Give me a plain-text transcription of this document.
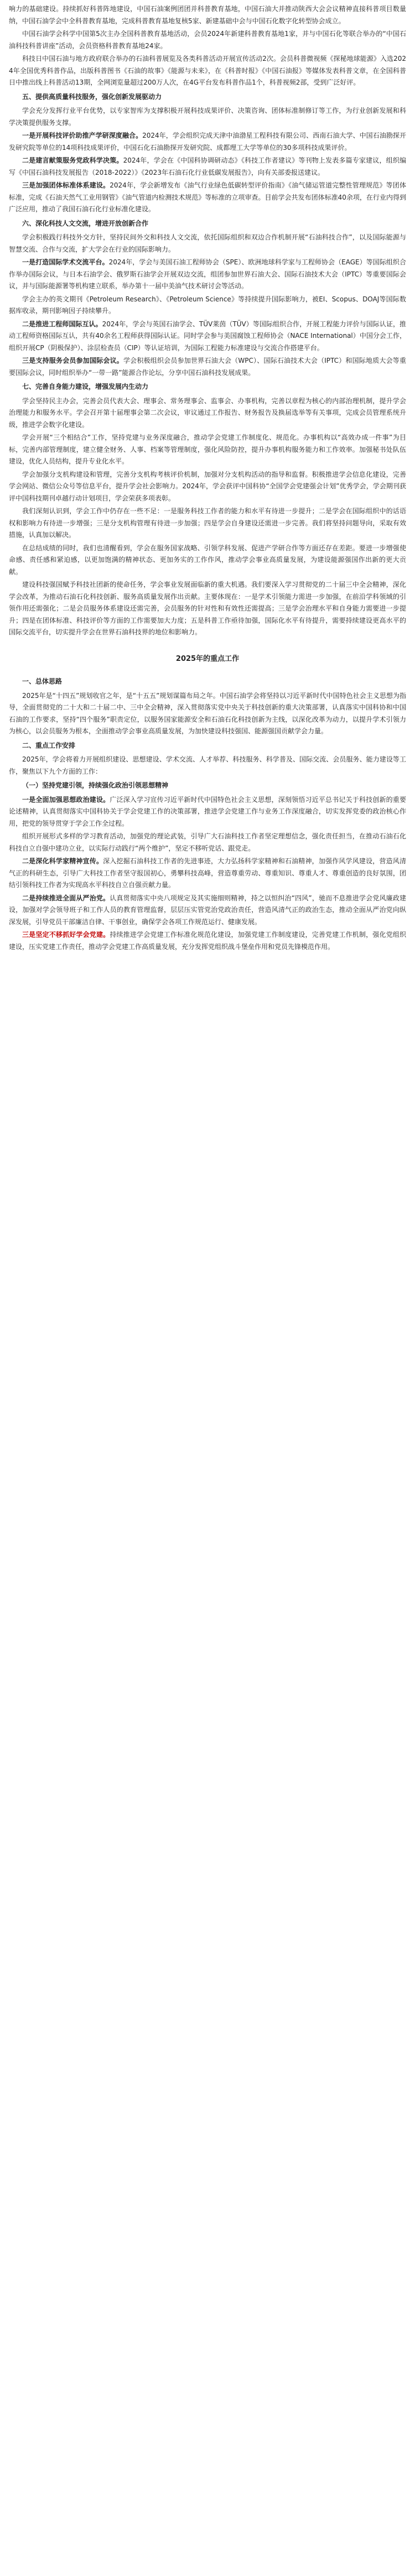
响力的基础建设。持续抓好科普阵地建设，中国石油案例团团并科普教育基地，中国石油大并推动陕西大会会议精神直接科普项目数量纳，中国石油学会中全科普教育基地，完成科普教育基地复核5家、新建基础中会与中国石化数字化转型协会成立。

中国石油学会科学中国第5次主办全国科普教育基地活动，会员2024年新建科普教育基地1家，并与中国石化等联合举办的“中国石油科技科普讲座”活动，会员资格科普教育基地24家。

科技日中国石油与地方政府联合举办的石油科普展览及各类科普活动开展宣传活动2次。会员科普微视频《探秘地球能源》入选2024年全国优秀科普作品，出版科普图书《石油的故事》《能源与未来》，在《科普时报》《中国石油报》等媒体发表科普文章，在全国科普日中推出线上科普活动13期，全网浏览量超过200万人次，在4G平台发布科普作品1个，科普视频2部，受到广泛好评。

五、提供高质量科技服务，强化创新发展驱动力

学会充分发挥行业平台优势，以专家智库为支撑积极开展科技成果评价、决策咨询、团体标准制修订等工作，为行业创新发展和科学决策提供服务支撑。

一是开展科技评价助推产学研深度融合。2024年，学会组织完成天津中油渤星工程科技有限公司、西南石油大学、中国石油勘探开发研究院等单位的14项科技成果评价，中国石化石油勘探开发研究院、成都理工大学等单位的30多项科技成果评价。

二是建言献策服务党政科学决策。2024年，学会在《中国科协调研动态》《科技工作者建议》等刊物上发表多篇专家建议，组织编写《中国石油科技发展报告（2018-2022）》《2023年石油石化行业低碳发展报告》，向有关部委报送建议。

三是加强团体标准体系建设。2024年，学会新增发布《油气行业绿色低碳转型评价指南》《油气储运管道完整性管理规范》等团体标准，完成《石油天然气工业用钢管》《油气管道内检测技术规范》等标准的立项审查。目前学会共发布团体标准40余项，在行业内得到广泛应用，推动了我国石油石化行业标准化建设。

六、深化科技人文交流，增进开放创新合作

学会积极践行科技外交方针，坚持民间外交和科技人文交流，依托国际组织和双边合作机制开展“石油科技合作”，以及国际能源与智慧交流、合作与交流，扩大学会在行业的国际影响力。

一是打造国际学术交流平台。2024年，学会与美国石油工程师协会（SPE）、欧洲地球科学家与工程师协会（EAGE）等国际组织合作举办国际会议，与日本石油学会、俄罗斯石油学会开展双边交流，组团参加世界石油大会、国际石油技术大会（IPTC）等重要国际会议，并与国际能源署等机构建立联系，举办第十一届中美油气技术研讨会等活动。

学会主办的英文期刊《Petroleum Research》、《Petroleum Science》等持续提升国际影响力，被EI、Scopus、DOAJ等国际数据库收录，期刊影响因子持续攀升。

二是推进工程师国际互认。2024年，学会与英国石油学会、TÜV莱茵（TÜV）等国际组织合作，开展工程能力评价与国际认证，推动工程师资格国际互认，共有40余名工程师获得国际认证。同时学会参与美国腐蚀工程师协会（NACE International）中国分会工作，组织开展CP（阴极保护）、涂层检查员（CIP）等认证培训，为国际工程能力标准建设与交流合作搭建平台。

三是支持服务会员参加国际会议。学会积极组织会员参加世界石油大会（WPC）、国际石油技术大会（IPTC）和国际地质大会等重要国际会议，同时组织举办“一带一路”能源合作论坛，分享中国石油科技发展成果。

七、完善自身能力建设，增强发展内生动力

学会坚持民主办会，完善会员代表大会、理事会、常务理事会、监事会、办事机构，完善以章程为核心的内部治理机制，提升学会治理能力和服务水平。学会召开第十届理事会第二次会议，审议通过工作报告、财务报告及换届选举等有关事项，完成会员管理系统升级，推进学会数字化建设。

学会开展“三个相结合”工作，坚持党建与业务深度融合，推动学会党建工作制度化、规范化。办事机构以“高效办成一件事”为目标，完善内部管理制度，建立健全财务、人事、档案等管理制度，强化风险防控，提升办事机构服务能力和工作效率。加强秘书处队伍建设，优化人员结构，提升专业化水平。

学会加强分支机构建设和管理，完善分支机构考核评价机制，加强对分支机构活动的指导和监督。积极推进学会信息化建设，完善学会网站、微信公众号等信息平台，提升学会社会影响力。2024年，学会获评中国科协“全国学会党建强会计划”优秀学会，学会期刊获评中国科技期刊卓越行动计划项目，学会荣获多项表彰。

我们深刻认识到，学会工作中仍存在一些不足：一是服务科技工作者的能力和水平有待进一步提升；二是学会在国际组织中的话语权和影响力有待进一步增强；三是分支机构管理有待进一步加强；四是学会自身建设还需进一步完善。我们将坚持问题导向，采取有效措施，认真加以解决。

在总结成绩的同时，我们也清醒看到，学会在服务国家战略、引领学科发展、促进产学研合作等方面还存在差距。要进一步增强使命感、责任感和紧迫感，以更加饱满的精神状态、更加务实的工作作风，推动学会事业高质量发展，为建设能源强国作出新的更大贡献。

建设科技强国赋予科技社团新的使命任务，学会事业发展面临新的重大机遇。我们要深入学习贯彻党的二十届三中全会精神，深化学会改革，为推动石油石化科技创新、服务高质量发展作出贡献。主要体现在：一是学术引领能力需进一步加强，在前沿学科领域的引领作用还需强化；二是会员服务体系建设还需完善，会员服务的针对性和有效性还需提高；三是学会治理水平和自身能力需要进一步提升；四是在团体标准、科技评价等方面的工作需要加大力度；五是科普工作亟待加强，国际化水平有待提升，需要持续建设更高水平的国际交流平台，切实提升学会在世界石油科技界的地位和影响力。

2025年的重点工作

一、总体思路

2025年是“十四五”规划收官之年，是“十五五”规划谋篇布局之年。中国石油学会将坚持以习近平新时代中国特色社会主义思想为指导，全面贯彻党的二十大和二十届二中、三中全会精神，深入贯彻落实党中央关于科技创新的重大决策部署，认真落实中国科协和中国石油的工作要求，坚持“四个服务”职责定位，以服务国家能源安全和石油石化科技创新为主线，以深化改革为动力，以提升学术引领力为核心，以会员服务为根本，全面推动学会事业高质量发展，为加快建设科技强国、能源强国贡献学会力量。

二、重点工作安排

2025年，学会将着力开展组织建设、思想建设、学术交流、人才举荐、科技服务、科学普及、国际交流、会员服务、能力建设等工作，聚焦以下九个方面的工作：

（一）坚持党建引领，持续强化政治引领思想精神

一是全面加强思想政治建设。广泛深入学习宣传习近平新时代中国特色社会主义思想，深刻领悟习近平总书记关于科技创新的重要论述精神，认真贯彻落实中国科协关于学会党建工作的决策部署，推进学会党建工作与业务工作深度融合，切实发挥党委的政治核心作用，把党的领导贯穿于学会工作全过程。

组织开展形式多样的学习教育活动，加强党的理论武装，引导广大石油科技工作者坚定理想信念，强化责任担当，在推动石油石化科技自立自强中建功立业，以实际行动践行“两个维护”，坚定不移听党话、跟党走。

二是深化科学家精神宣传。深入挖掘石油科技工作者的先进事迹，大力弘扬科学家精神和石油精神，加强作风学风建设，营造风清气正的科研生态，引导广大科技工作者坚守报国初心，勇攀科技高峰，营造尊重劳动、尊重知识、尊重人才、尊重创造的良好氛围，团结引领科技工作者为实现高水平科技自立自强贡献力量。

二是持续推进全面从严治党。认真贯彻落实中央八项规定及其实施细则精神，持之以恒纠治“四风”，驰而不息推进学会党风廉政建设，加强对学会领导班子和工作人员的教育管理监督，层层压实管党治党政治责任，营造风清气正的政治生态，推动全面从严治党向纵深发展，引导党员干部廉洁自律、干事创业，确保学会各项工作规范运行、健康发展。

三是坚定不移抓好学会党建。持续推进学会党建工作标准化规范化建设，加强党建工作制度建设，完善党建工作机制，强化党组织建设，压实党建工作责任，推动学会党建工作高质量发展，充分发挥党组织战斗堡垒作用和党员先锋模范作用。
